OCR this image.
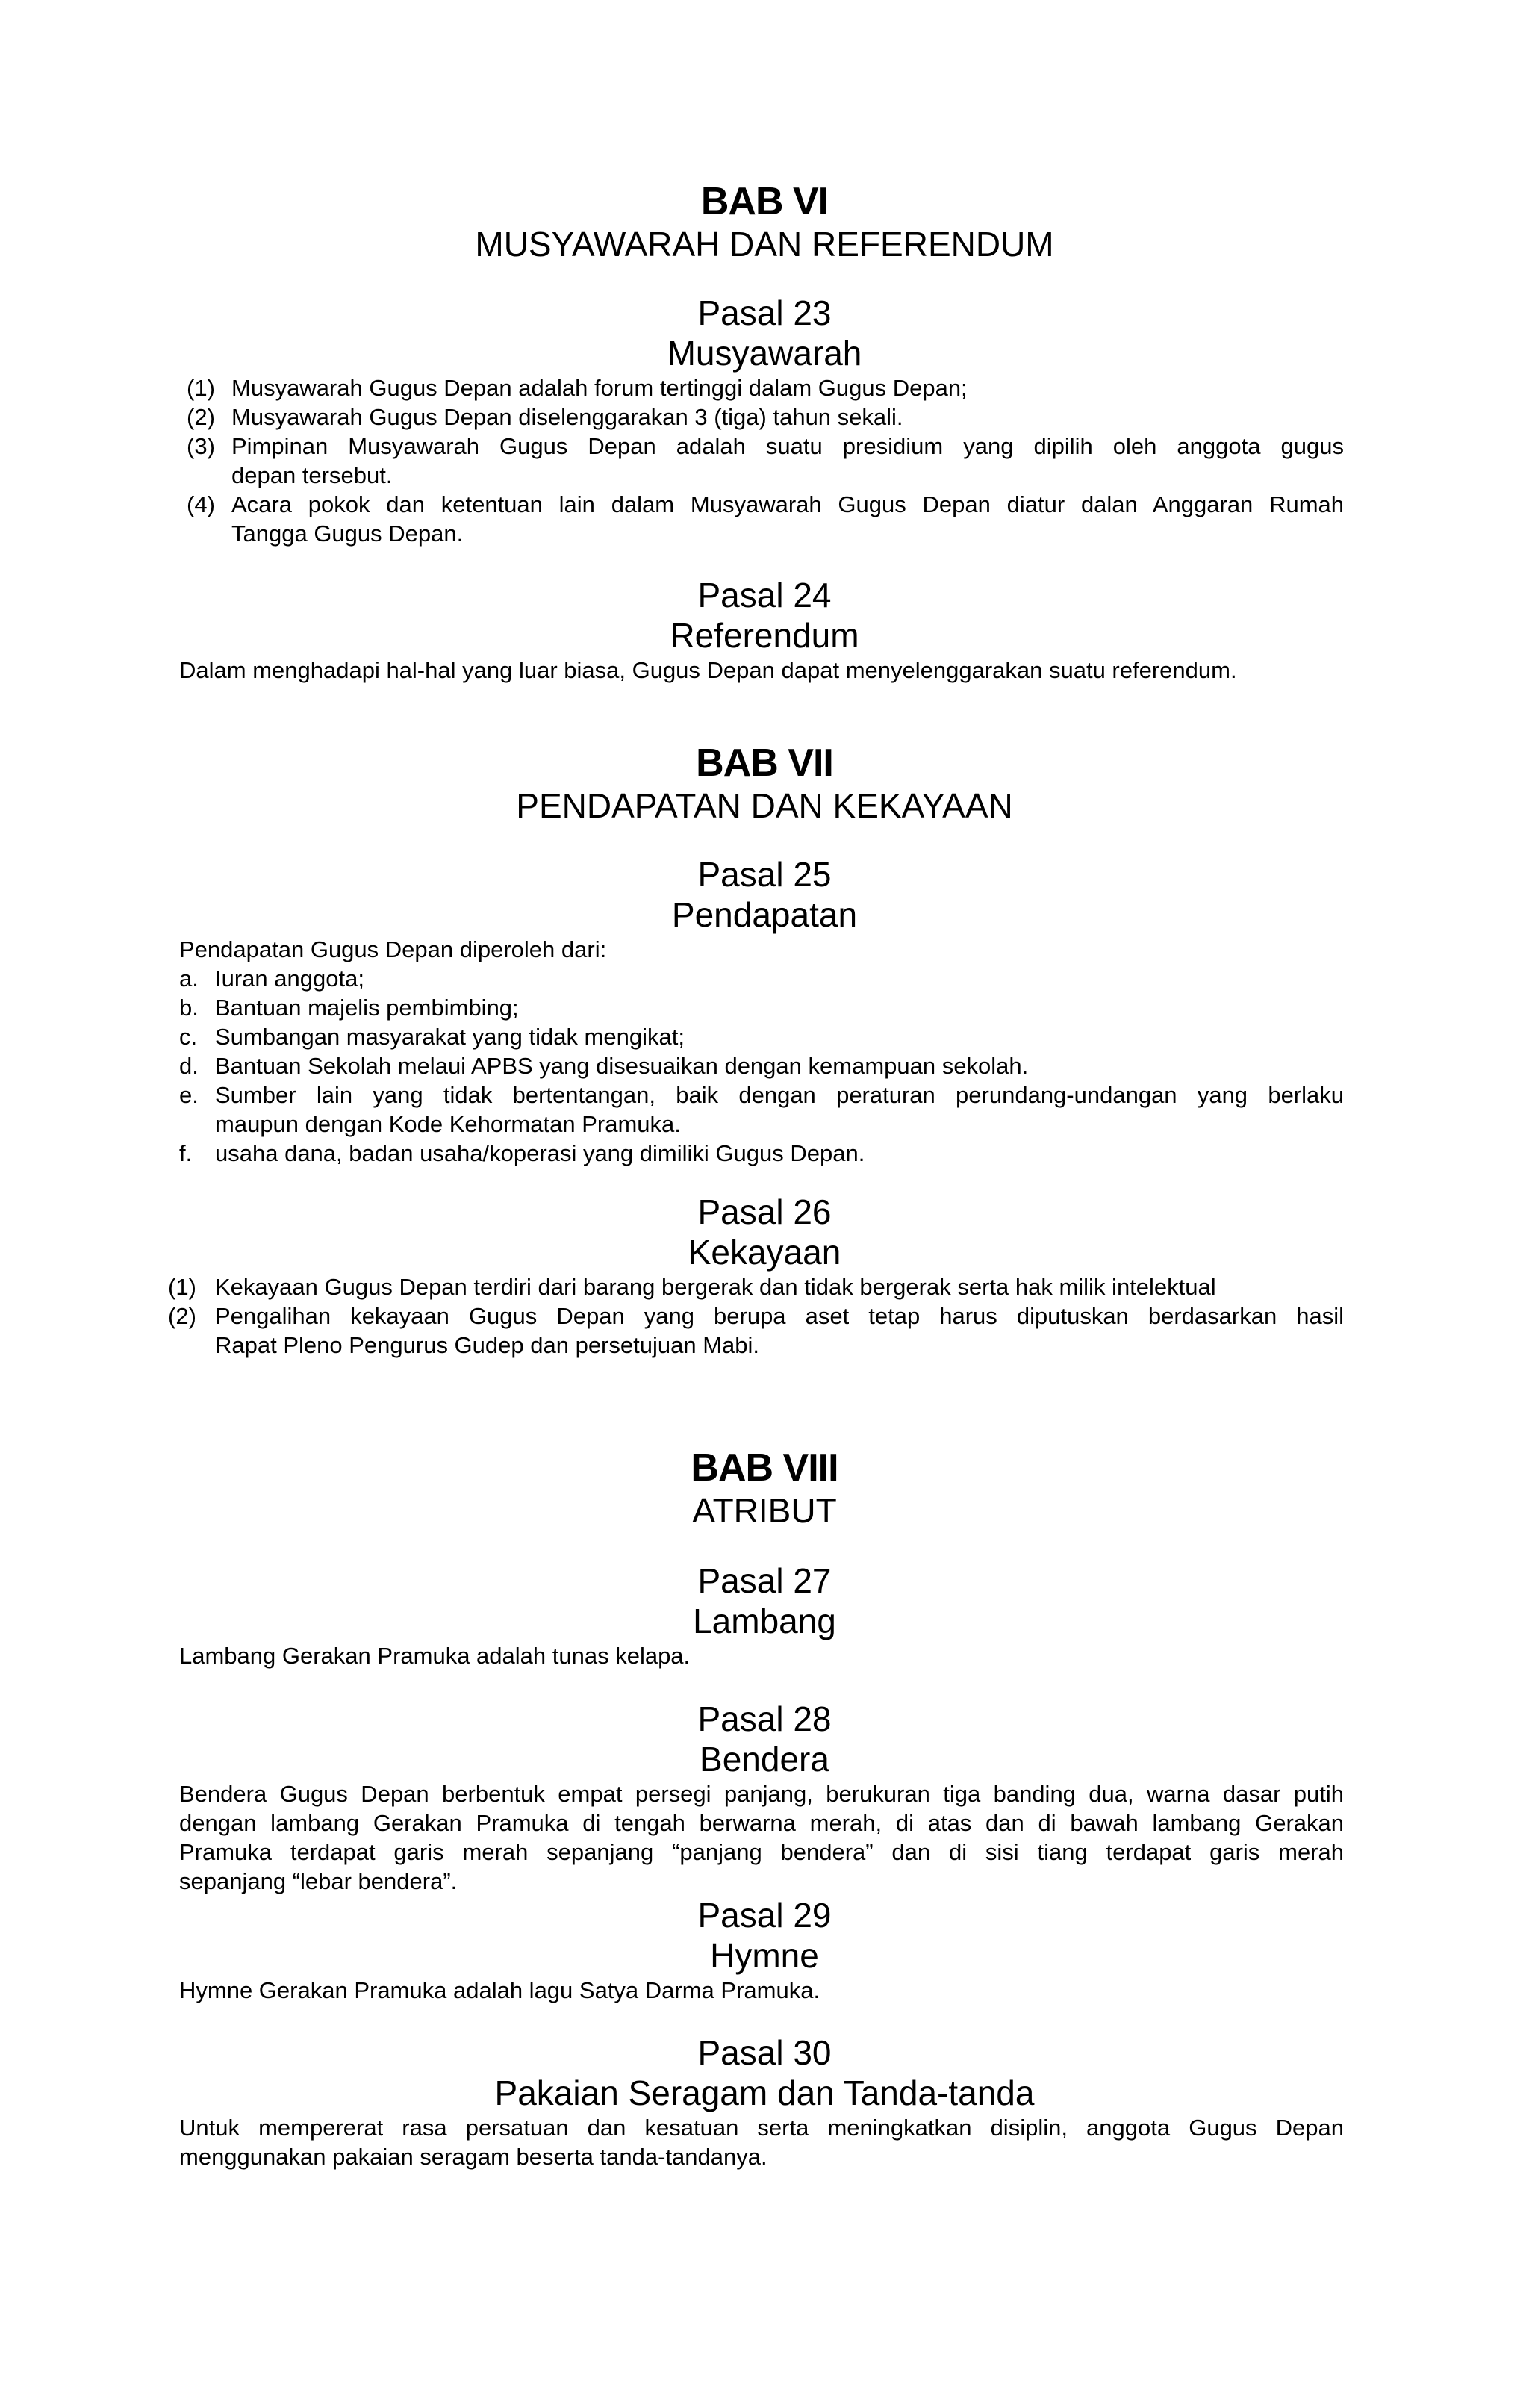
BAB VI
MUSYAWARAH DAN REFERENDUM
Pasal 23
Musyawarah
(1) Musyawarah Gugus Depan adalah forum tertinggi dalam Gugus Depan;
(2) Musyawarah Gugus Depan diselenggarakan 3 (tiga) tahun sekali.
(3) Pimpinan Musyawarah Gugus Depan adalah suatu presidium yang dipilih oleh anggota gugus
depan tersebut.
(4) Acara pokok dan ketentuan lain dalam Musyawarah Gugus Depan diatur dalan Anggaran Rumah
Tangga Gugus Depan.
Pasal 24
Referendum
Dalam menghadapi hal-hal yang luar biasa, Gugus Depan dapat menyelenggarakan suatu referendum.
BAB VII
PENDAPATAN DAN KEKAYAAN
Pasal 25
Pendapatan
Pendapatan Gugus Depan diperoleh dari:
a. Iuran anggota;
b. Bantuan majelis pembimbing;
c. Sumbangan masyarakat yang tidak mengikat;
d. Bantuan Sekolah melaui APBS yang disesuaikan dengan kemampuan sekolah.
e. Sumber lain yang tidak bertentangan, baik dengan peraturan perundang-undangan yang berlaku
maupun dengan Kode Kehormatan Pramuka.
f. usaha dana, badan usaha/koperasi yang dimiliki Gugus Depan.
Pasal 26
Kekayaan
(1) Kekayaan Gugus Depan terdiri dari barang bergerak dan tidak bergerak serta hak milik intelektual
(2) Pengalihan kekayaan Gugus Depan yang berupa aset tetap harus diputuskan berdasarkan hasil
Rapat Pleno Pengurus Gudep dan persetujuan Mabi.
BAB VIII
ATRIBUT
Pasal 27
Lambang
Lambang Gerakan Pramuka adalah tunas kelapa.
Pasal 28
Bendera
Bendera Gugus Depan berbentuk empat persegi panjang, berukuran tiga banding dua, warna dasar putih
dengan lambang Gerakan Pramuka di tengah berwarna merah, di atas dan di bawah lambang Gerakan
Pramuka terdapat garis merah sepanjang “panjang bendera” dan di sisi tiang terdapat garis merah
sepanjang “lebar bendera”.
Pasal 29
Hymne
Hymne Gerakan Pramuka adalah lagu Satya Darma Pramuka.
Pasal 30
Pakaian Seragam dan Tanda-tanda
Untuk mempererat rasa persatuan dan kesatuan serta meningkatkan disiplin, anggota Gugus Depan
menggunakan pakaian seragam beserta tanda-tandanya.
